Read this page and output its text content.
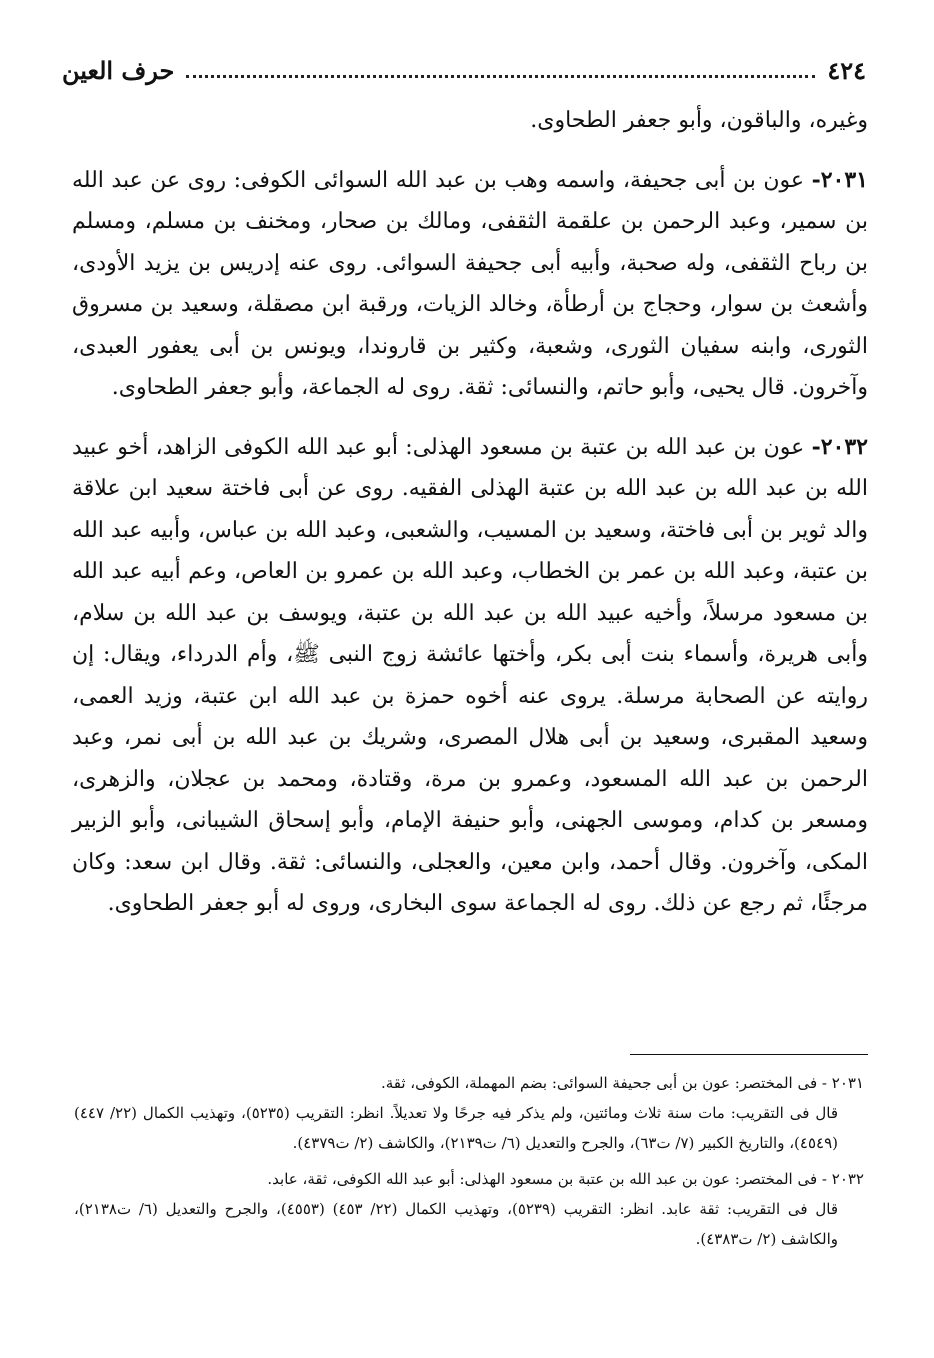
٤٢٤
حرف العين

وغيره، والباقون، وأبو جعفر الطحاوى.

٢٠٣١- عون بن أبى جحيفة، واسمه وهب بن عبد الله السوائى الكوفى: روى عن عبد الله بن سمير، وعبد الرحمن بن علقمة الثقفى، ومالك بن صحار، ومخنف بن مسلم، ومسلم بن رباح الثقفى، وله صحبة، وأبيه أبى جحيفة السوائى. روى عنه إدريس بن يزيد الأودى، وأشعث بن سوار، وحجاج بن أرطأة، وخالد الزيات، ورقبة ابن مصقلة، وسعيد بن مسروق الثورى، وابنه سفيان الثورى، وشعبة، وكثير بن قاروندا، ويونس بن أبى يعفور العبدى، وآخرون. قال يحيى، وأبو حاتم، والنسائى: ثقة. روى له الجماعة، وأبو جعفر الطحاوى.

٢٠٣٢- عون بن عبد الله بن عتبة بن مسعود الهذلى: أبو عبد الله الكوفى الزاهد، أخو عبيد الله بن عبد الله بن عبد الله بن عتبة الهذلى الفقيه. روى عن أبى فاختة سعيد ابن علاقة والد ثوير بن أبى فاختة، وسعيد بن المسيب، والشعبى، وعبد الله بن عباس، وأبيه عبد الله بن عتبة، وعبد الله بن عمر بن الخطاب، وعبد الله بن عمرو بن العاص، وعم أبيه عبد الله بن مسعود مرسلاً، وأخيه عبيد الله بن عبد الله بن عتبة، ويوسف بن عبد الله بن سلام، وأبى هريرة، وأسماء بنت أبى بكر، وأختها عائشة زوج النبى ﷺ، وأم الدرداء، ويقال: إن روايته عن الصحابة مرسلة. يروى عنه أخوه حمزة بن عبد الله ابن عتبة، وزيد العمى، وسعيد المقبرى، وسعيد بن أبى هلال المصرى، وشريك بن عبد الله بن أبى نمر، وعبد الرحمن بن عبد الله المسعود، وعمرو بن مرة، وقتادة، ومحمد بن عجلان، والزهرى، ومسعر بن كدام، وموسى الجهنى، وأبو حنيفة الإمام، وأبو إسحاق الشيبانى، وأبو الزبير المكى، وآخرون. وقال أحمد، وابن معين، والعجلى، والنسائى: ثقة. وقال ابن سعد: وكان مرجئًا، ثم رجع عن ذلك. روى له الجماعة سوى البخارى، وروى له أبو جعفر الطحاوى.

٢٠٣١ - فى المختصر: عون بن أبى جحيفة السوائى: بضم المهملة، الكوفى، ثقة.

قال فى التقريب: مات سنة ثلاث ومائتين، ولم يذكر فيه جرحًا ولا تعديلاً. انظر: التقريب (٥٢٣٥)، وتهذيب الكمال (٢٢/ ٤٤٧) (٤٥٤٩)، والتاريخ الكبير (٧/ ت٦٣)، والجرح والتعديل (٦/ ت٢١٣٩)، والكاشف (٢/ ت٤٣٧٩).

٢٠٣٢ - فى المختصر: عون بن عبد الله بن عتبة بن مسعود الهذلى: أبو عبد الله الكوفى، ثقة، عابد.

قال فى التقريب: ثقة عابد. انظر: التقريب (٥٢٣٩)، وتهذيب الكمال (٢٢/ ٤٥٣) (٤٥٥٣)، والجرح والتعديل (٦/ ت٢١٣٨)، والكاشف (٢/ ت٤٣٨٣).
